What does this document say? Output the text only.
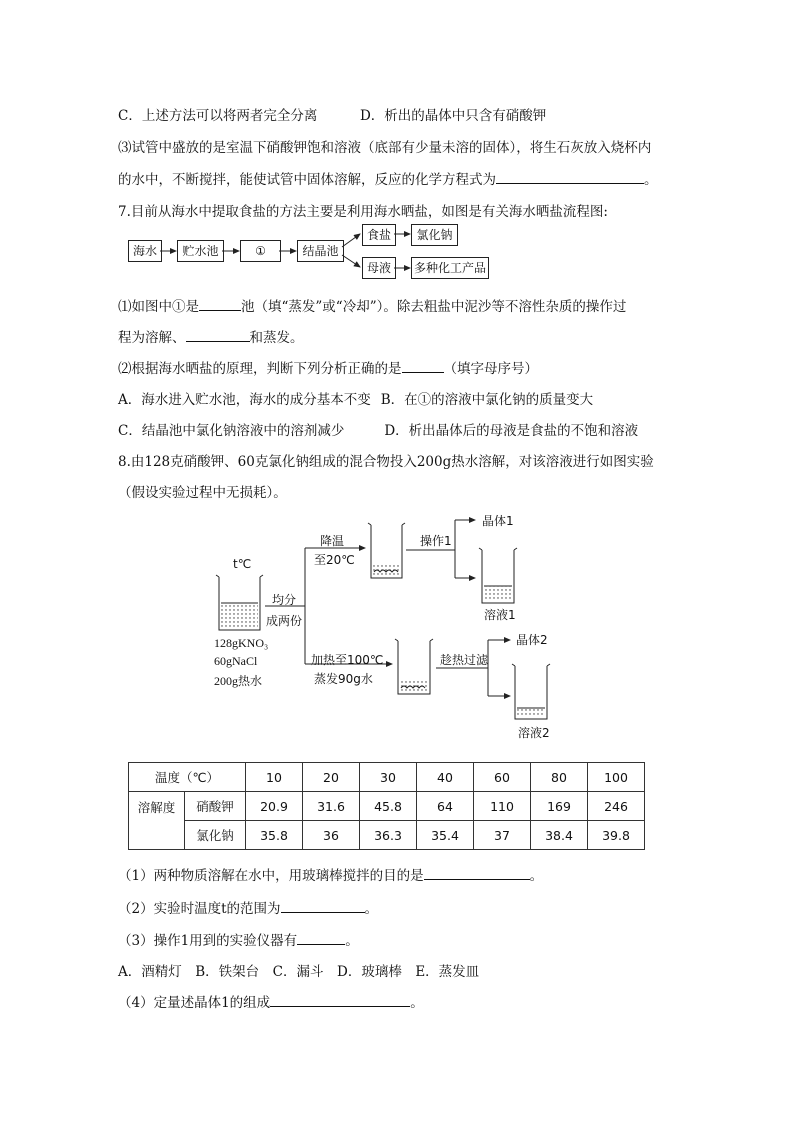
C．上述方法可以将两者完全分离	D．析出的晶体中只含有硝酸钾
⑶试管中盛放的是室温下硝酸钾饱和溶液（底部有少量未溶的固体），将生石灰放入烧杯内
的水中，不断搅拌，能使试管中固体溶解，反应的化学方程式为	。
7.目前从海水中提取食盐的方法主要是利用海水晒盐，如图是有关海水晒盐流程图:
海水	贮水池	①	结晶池
食盐	氯化钠
母液	多种化工产品
⑴如图中①是	池（填“蒸发”或“冷却”）。除去粗盐中泥沙等不溶性杂质的操作过
程为溶解、	和蒸发。
⑵根据海水晒盐的原理，判断下列分析正确的是	（填字母序号）
A．海水进入贮水池，海水的成分基本不变 B．在①的溶液中氯化钠的质量变大
C．结晶池中氯化钠溶液中的溶剂减少	D．析出晶体后的母液是食盐的不饱和溶液
8.由128克硝酸钾、60克氯化钠组成的混合物投入200g热水溶解，对该溶液进行如图实验
（假设实验过程中无损耗）。
t℃
均分
成两份
128gKNO₃
60gNaCl
200g热水
降温
至20℃
操作1
晶体1
溶液1
加热至100℃
蒸发90g水
趁热过滤
晶体2
溶液2
温度（℃）		10	20	30	40	60	80	100
溶解度	硝酸钾	20.9	31.6	45.8	64	110	169	246
	氯化钠	35.8	36	36.3	35.4	37	38.4	39.8
（1）两种物质溶解在水中，用玻璃棒搅拌的目的是	。
（2）实验时温度t的范围为	。
（3）操作1用到的实验仪器有	。
A．酒精灯　B．铁架台　C．漏斗　D．玻璃棒　E．蒸发皿
（4）定量述晶体1的组成	。
